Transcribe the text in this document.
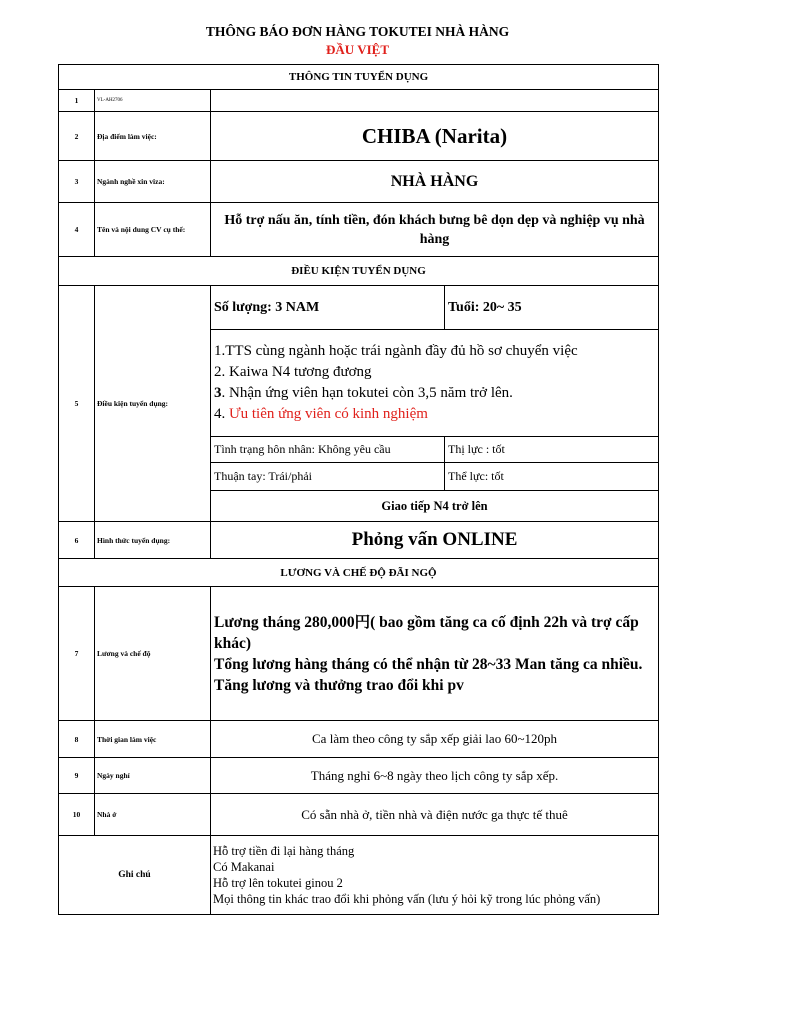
THÔNG BÁO ĐƠN HÀNG TOKUTEI NHÀ HÀNG
ĐẦU VIỆT
THÔNG TIN TUYỂN DỤNG			
1	VL-AH2706		
2	Địa điểm làm việc:	CHIBA (Narita)	
3	Ngành nghề xin viza:	NHÀ HÀNG	
4	Tên và nội dung CV cụ thể:	Hỗ trợ nấu ăn, tính tiền, đón khách bưng bê dọn dẹp và nghiệp vụ nhà hàng	
ĐIỀU KIỆN TUYỂN DỤNG			
5	Điều kiện tuyển dụng:	Số lượng: 3 NAM	Tuổi: 20~ 35

		1.TTS cùng ngành hoặc trái ngành đầy đủ hồ sơ chuyển việc
2. Kaiwa N4 tương đương
3. Nhận ứng viên hạn tokutei còn 3,5 năm trở lên.
4. Ưu tiên ứng viên có kinh nghiệm	

		Tình trạng hôn nhân: Không yêu cầu	Thị lực : tốt
		Thuận tay: Trái/phải	Thể lực: tốt
		Giao tiếp N4 trở lên	
6	Hình thức tuyển dụng:	Phỏng vấn ONLINE	
LƯƠNG VÀ CHẾ ĐỘ ĐÃI NGỘ			
7	Lương và chế độ	Lương tháng 280,000円( bao gồm tăng ca cố định 22h và trợ cấp khác)
Tổng lương hàng tháng có thể nhận từ 28~33 Man tăng ca nhiều.
Tăng lương và thưởng trao đổi khi pv	

8	Thời gian làm việc	Ca làm theo công ty sắp xếp giải lao 60~120ph	
9	Ngày nghỉ	Tháng nghỉ 6~8 ngày theo lịch công ty sắp xếp.	
10	Nhà ở	Có sẵn nhà ở, tiền nhà và điện nước ga thực tế thuê	
Ghi chú		Hỗ trợ tiền đi lại hàng tháng
Có Makanai
Hỗ trợ lên tokutei ginou 2
Mọi thông tin khác trao đổi khi phỏng vấn (lưu ý hỏi kỹ trong lúc phỏng vấn)	
